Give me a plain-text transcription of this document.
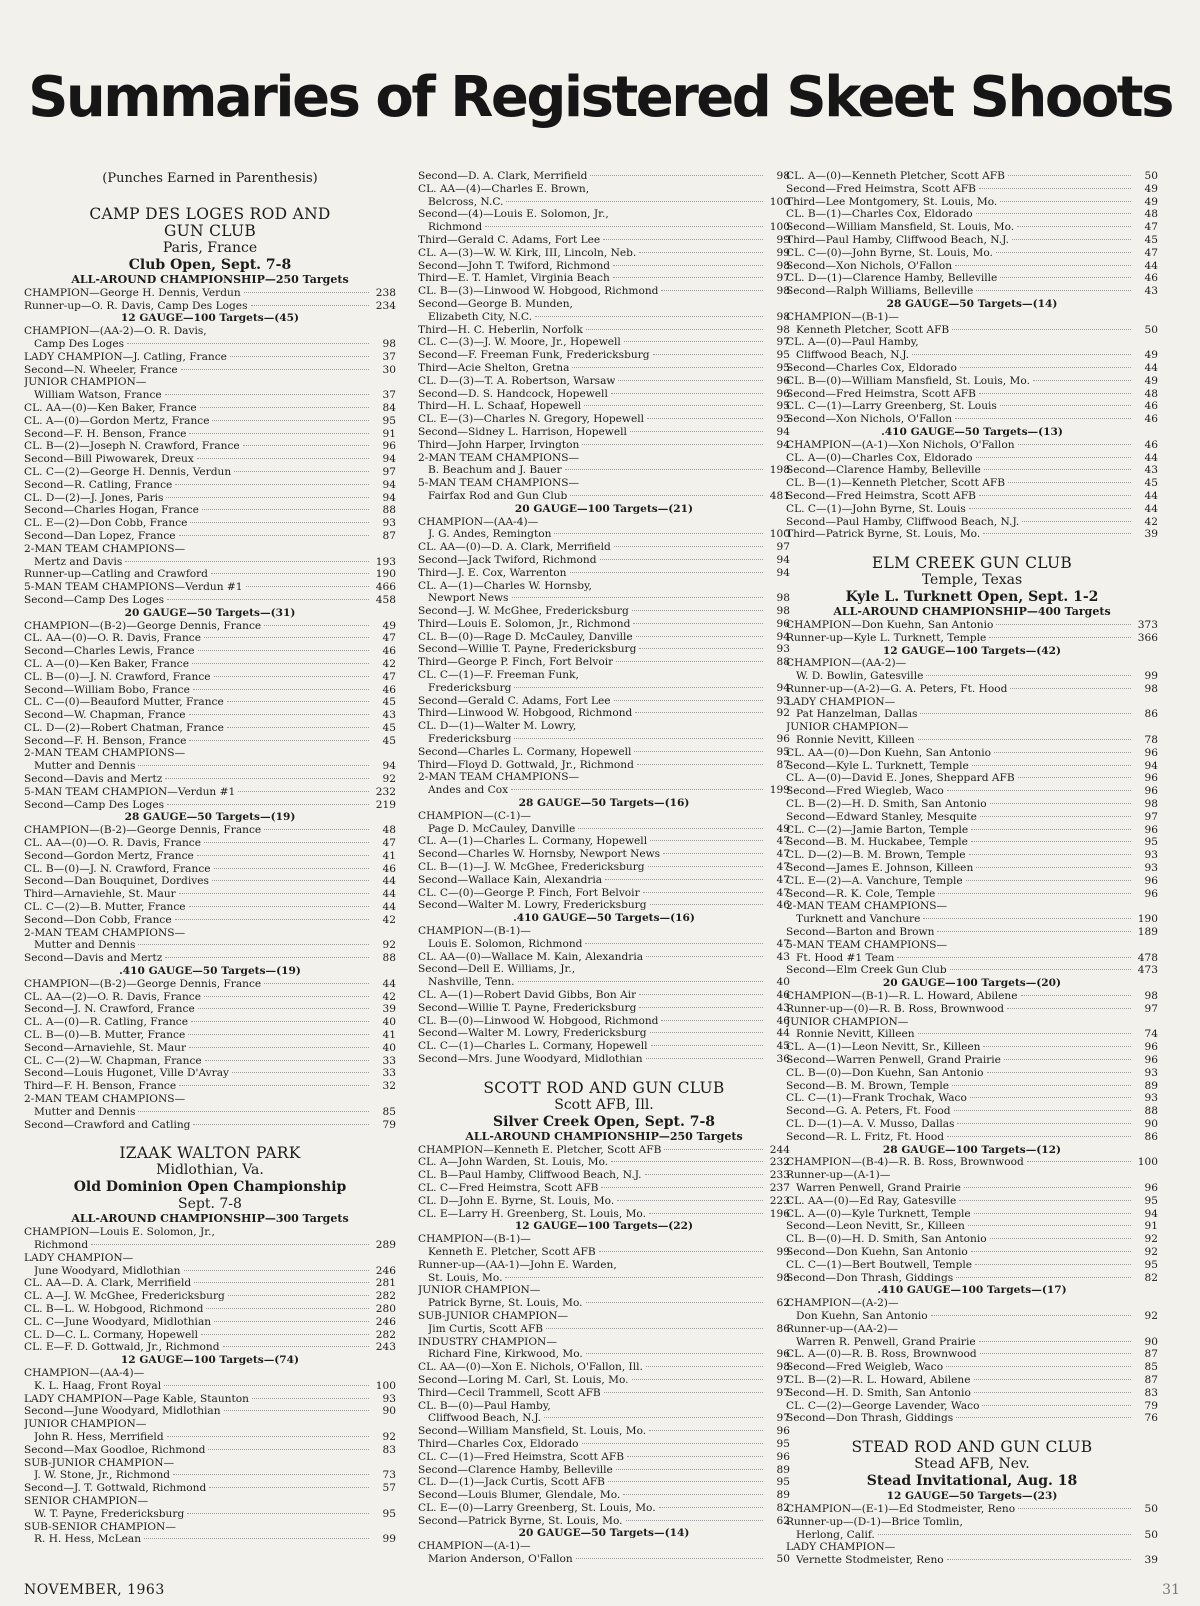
Summaries of Registered Skeet Shoots
(Punches Earned in Parenthesis)
CAMP DES LOGES ROD AND
GUN CLUB
Paris, France
Club Open, Sept. 7-8
ALL-AROUND CHAMPIONSHIP—250 Targets
CHAMPION—George H. Dennis, Verdun	238
Runner-up—O. R. Davis, Camp Des Loges	234
12 GAUGE—100 Targets—(45)
CHAMPION—(AA-2)—O. R. Davis,
Camp Des Loges	98
LADY CHAMPION—J. Catling, France	37
Second—N. Wheeler, France	30
JUNIOR CHAMPION—
William Watson, France	37
CL. AA—(0)—Ken Baker, France	84
CL. A—(0)—Gordon Mertz, France	95
Second—F. H. Benson, France	91
CL. B—(2)—Joseph N. Crawford, France	96
Second—Bill Piwowarek, Dreux	94
CL. C—(2)—George H. Dennis, Verdun	97
Second—R. Catling, France	94
CL. D—(2)—J. Jones, Paris	94
Second—Charles Hogan, France	88
CL. E—(2)—Don Cobb, France	93
Second—Dan Lopez, France	87
2-MAN TEAM CHAMPIONS—
Mertz and Davis	193
Runner-up—Catling and Crawford	190
5-MAN TEAM CHAMPIONS—Verdun #1	466
Second—Camp Des Loges	458
20 GAUGE—50 Targets—(31)
CHAMPION—(B-2)—George Dennis, France	49
CL. AA—(0)—O. R. Davis, France	47
Second—Charles Lewis, France	46
CL. A—(0)—Ken Baker, France	42
CL. B—(0)—J. N. Crawford, France	47
Second—William Bobo, France	46
CL. C—(0)—Beauford Mutter, France	45
Second—W. Chapman, France	43
CL. D—(2)—Robert Chatman, France	45
Second—F. H. Benson, France	45
2-MAN TEAM CHAMPIONS—
Mutter and Dennis	94
Second—Davis and Mertz	92
5-MAN TEAM CHAMPION—Verdun #1	232
Second—Camp Des Loges	219
28 GAUGE—50 Targets—(19)
CHAMPION—(B-2)—George Dennis, France	48
CL. AA—(0)—O. R. Davis, France	47
Second—Gordon Mertz, France	41
CL. B—(0)—J. N. Crawford, France	46
Second—Dan Bouquinet, Dordives	44
Third—Arnaviehle, St. Maur	44
CL. C—(2)—B. Mutter, France	44
Second—Don Cobb, France	42
2-MAN TEAM CHAMPIONS—
Mutter and Dennis	92
Second—Davis and Mertz	88
.410 GAUGE—50 Targets—(19)
CHAMPION—(B-2)—George Dennis, France	44
CL. AA—(2)—O. R. Davis, France	42
Second—J. N. Crawford, France	39
CL. A—(0)—R. Catling, France	40
CL. B—(0)—B. Mutter, France	41
Second—Arnaviehle, St. Maur	40
CL. C—(2)—W. Chapman, France	33
Second—Louis Hugonet, Ville D'Avray	33
Third—F. H. Benson, France	32
2-MAN TEAM CHAMPIONS—
Mutter and Dennis	85
Second—Crawford and Catling	79
IZAAK WALTON PARK
Midlothian, Va.
Old Dominion Open Championship
Sept. 7-8
ALL-AROUND CHAMPIONSHIP—300 Targets
CHAMPION—Louis E. Solomon, Jr.,
Richmond	289
LADY CHAMPION—
June Woodyard, Midlothian	246
CL. AA—D. A. Clark, Merrifield	281
CL. A—J. W. McGhee, Fredericksburg	282
CL. B—L. W. Hobgood, Richmond	280
CL. C—June Woodyard, Midlothian	246
CL. D—C. L. Cormany, Hopewell	282
CL. E—F. D. Gottwald, Jr., Richmond	243
12 GAUGE—100 Targets—(74)
CHAMPION—(AA-4)—
K. L. Haag, Front Royal	100
LADY CHAMPION—Page Kable, Staunton	93
Second—June Woodyard, Midlothian	90
JUNIOR CHAMPION—
John R. Hess, Merrifield	92
Second—Max Goodloe, Richmond	83
SUB-JUNIOR CHAMPION—
J. W. Stone, Jr., Richmond	73
Second—J. T. Gottwald, Richmond	57
SENIOR CHAMPION—
W. T. Payne, Fredericksburg	95
SUB-SENIOR CHAMPION—
R. H. Hess, McLean	99
Second—D. A. Clark, Merrifield	98
CL. AA—(4)—Charles E. Brown,
Belcross, N.C.	100
Second—(4)—Louis E. Solomon, Jr.,
Richmond	100
Third—Gerald C. Adams, Fort Lee	99
CL. A—(3)—W. W. Kirk, III, Lincoln, Neb.	99
Second—John T. Twiford, Richmond	98
Third—E. T. Hamlet, Virginia Beach	97
CL. B—(3)—Linwood W. Hobgood, Richmond	98
Second—George B. Munden,
Elizabeth City, N.C.	98
Third—H. C. Heberlin, Norfolk	98
CL. C—(3)—J. W. Moore, Jr., Hopewell	97
Second—F. Freeman Funk, Fredericksburg	95
Third—Acie Shelton, Gretna	95
CL. D—(3)—T. A. Robertson, Warsaw	96
Second—D. S. Handcock, Hopewell	96
Third—H. L. Schaaf, Hopewell	95
CL. E—(3)—Charles N. Gregory, Hopewell	95
Second—Sidney L. Harrison, Hopewell	94
Third—John Harper, Irvington	94
2-MAN TEAM CHAMPIONS—
B. Beachum and J. Bauer	198
5-MAN TEAM CHAMPIONS—
Fairfax Rod and Gun Club	481
20 GAUGE—100 Targets—(21)
CHAMPION—(AA-4)—
J. G. Andes, Remington	100
CL. AA—(0)—D. A. Clark, Merrifield	97
Second—Jack Twiford, Richmond	94
Third—J. E. Cox, Warrenton	94
CL. A—(1)—Charles W. Hornsby,
Newport News	98
Second—J. W. McGhee, Fredericksburg	98
Third—Louis E. Solomon, Jr., Richmond	96
CL. B—(0)—Rage D. McCauley, Danville	94
Second—Willie T. Payne, Fredericksburg	93
Third—George P. Finch, Fort Belvoir	88
CL. C—(1)—F. Freeman Funk,
Fredericksburg	94
Second—Gerald C. Adams, Fort Lee	93
Third—Linwood W. Hobgood, Richmond	92
CL. D—(1)—Walter M. Lowry,
Fredericksburg	96
Second—Charles L. Cormany, Hopewell	95
Third—Floyd D. Gottwald, Jr., Richmond	87
2-MAN TEAM CHAMPIONS—
Andes and Cox	199
28 GAUGE—50 Targets—(16)
CHAMPION—(C-1)—
Page D. McCauley, Danville	49
CL. A—(1)—Charles L. Cormany, Hopewell	47
Second—Charles W. Hornsby, Newport News	47
CL. B—(1)—J. W. McGhee, Fredericksburg	47
Second—Wallace Kain, Alexandria	47
CL. C—(0)—George P. Finch, Fort Belvoir	47
Second—Walter M. Lowry, Fredericksburg	46
.410 GAUGE—50 Targets—(16)
CHAMPION—(B-1)—
Louis E. Solomon, Richmond	47
CL. AA—(0)—Wallace M. Kain, Alexandria	43
Second—Dell E. Williams, Jr.,
Nashville, Tenn.	40
CL. A—(1)—Robert David Gibbs, Bon Air	46
Second—Willie T. Payne, Fredericksburg	43
CL. B—(0)—Linwood W. Hobgood, Richmond	46
Second—Walter M. Lowry, Fredericksburg	44
CL. C—(1)—Charles L. Cormany, Hopewell	45
Second—Mrs. June Woodyard, Midlothian	36
SCOTT ROD AND GUN CLUB
Scott AFB, Ill.
Silver Creek Open, Sept. 7-8
ALL-AROUND CHAMPIONSHIP—250 Targets
CHAMPION—Kenneth E. Pletcher, Scott AFB	244
CL. A—John Warden, St. Louis, Mo.	232
CL. B—Paul Hamby, Cliffwood Beach, N.J.	233
CL. C—Fred Heimstra, Scott AFB	237
CL. D—John E. Byrne, St. Louis, Mo.	223
CL. E—Larry H. Greenberg, St. Louis, Mo.	196
12 GAUGE—100 Targets—(22)
CHAMPION—(B-1)—
Kenneth E. Pletcher, Scott AFB	99
Runner-up—(AA-1)—John E. Warden,
St. Louis, Mo.	98
JUNIOR CHAMPION—
Patrick Byrne, St. Louis, Mo.	62
SUB-JUNIOR CHAMPION—
Jim Curtis, Scott AFB	86
INDUSTRY CHAMPION—
Richard Fine, Kirkwood, Mo.	96
CL. AA—(0)—Xon E. Nichols, O'Fallon, Ill.	98
Second—Loring M. Carl, St. Louis, Mo.	97
Third—Cecil Trammell, Scott AFB	97
CL. B—(0)—Paul Hamby,
Cliffwood Beach, N.J.	97
Second—William Mansfield, St. Louis, Mo.	96
Third—Charles Cox, Eldorado	95
CL. C—(1)—Fred Heimstra, Scott AFB	96
Second—Clarence Hamby, Belleville	89
CL. D—(1)—Jack Curtis, Scott AFB	95
Second—Louis Blumer, Glendale, Mo.	89
CL. E—(0)—Larry Greenberg, St. Louis, Mo.	82
Second—Patrick Byrne, St. Louis, Mo.	62
20 GAUGE—50 Targets—(14)
CHAMPION—(A-1)—
Marion Anderson, O'Fallon	50
CL. A—(0)—Kenneth Pletcher, Scott AFB	50
Second—Fred Heimstra, Scott AFB	49
Third—Lee Montgomery, St. Louis, Mo.	49
CL. B—(1)—Charles Cox, Eldorado	48
Second—William Mansfield, St. Louis, Mo.	47
Third—Paul Hamby, Cliffwood Beach, N.J.	45
CL. C—(0)—John Byrne, St. Louis, Mo.	47
Second—Xon Nichols, O'Fallon	44
CL. D—(1)—Clarence Hamby, Belleville	46
Second—Ralph Williams, Belleville	43
28 GAUGE—50 Targets—(14)
CHAMPION—(B-1)—
Kenneth Pletcher, Scott AFB	50
CL. A—(0)—Paul Hamby,
Cliffwood Beach, N.J.	49
Second—Charles Cox, Eldorado	44
CL. B—(0)—William Mansfield, St. Louis, Mo.	49
Second—Fred Heimstra, Scott AFB	48
CL. C—(1)—Larry Greenberg, St. Louis	46
Second—Xon Nichols, O'Fallon	46
.410 GAUGE—50 Targets—(13)
CHAMPION—(A-1)—Xon Nichols, O'Fallon	46
CL. A—(0)—Charles Cox, Eldorado	44
Second—Clarence Hamby, Belleville	43
CL. B—(1)—Kenneth Pletcher, Scott AFB	45
Second—Fred Heimstra, Scott AFB	44
CL. C—(1)—John Byrne, St. Louis	44
Second—Paul Hamby, Cliffwood Beach, N.J.	42
Third—Patrick Byrne, St. Louis, Mo.	39
ELM CREEK GUN CLUB
Temple, Texas
Kyle L. Turknett Open, Sept. 1-2
ALL-AROUND CHAMPIONSHIP—400 Targets
CHAMPION—Don Kuehn, San Antonio	373
Runner-up—Kyle L. Turknett, Temple	366
12 GAUGE—100 Targets—(42)
CHAMPION—(AA-2)—
W. D. Bowlin, Gatesville	99
Runner-up—(A-2)—G. A. Peters, Ft. Hood	98
LADY CHAMPION—
Pat Hanzelman, Dallas	86
JUNIOR CHAMPION—
Ronnie Nevitt, Killeen	78
CL. AA—(0)—Don Kuehn, San Antonio	96
Second—Kyle L. Turknett, Temple	94
CL. A—(0)—David E. Jones, Sheppard AFB	96
Second—Fred Wiegleb, Waco	96
CL. B—(2)—H. D. Smith, San Antonio	98
Second—Edward Stanley, Mesquite	97
CL. C—(2)—Jamie Barton, Temple	96
Second—B. M. Huckabee, Temple	95
CL. D—(2)—B. M. Brown, Temple	93
Second—James E. Johnson, Killeen	93
CL. E—(2)—A. Vanchure, Temple	96
Second—R. K. Cole, Temple	96
2-MAN TEAM CHAMPIONS—
Turknett and Vanchure	190
Second—Barton and Brown	189
5-MAN TEAM CHAMPIONS—
Ft. Hood #1 Team	478
Second—Elm Creek Gun Club	473
20 GAUGE—100 Targets—(20)
CHAMPION—(B-1)—R. L. Howard, Abilene	98
Runner-up—(0)—R. B. Ross, Brownwood	97
JUNIOR CHAMPION—
Ronnie Nevitt, Killeen	74
CL. A—(1)—Leon Nevitt, Sr., Killeen	96
Second—Warren Penwell, Grand Prairie	96
CL. B—(0)—Don Kuehn, San Antonio	93
Second—B. M. Brown, Temple	89
CL. C—(1)—Frank Trochak, Waco	93
Second—G. A. Peters, Ft. Food	88
CL. D—(1)—A. V. Musso, Dallas	90
Second—R. L. Fritz, Ft. Hood	86
28 GAUGE—100 Targets—(12)
CHAMPION—(B-4)—R. B. Ross, Brownwood	100
Runner-up—(A-1)—
Warren Penwell, Grand Prairie	96
CL. AA—(0)—Ed Ray, Gatesville	95
CL. A—(0)—Kyle Turknett, Temple	94
Second—Leon Nevitt, Sr., Killeen	91
CL. B—(0)—H. D. Smith, San Antonio	92
Second—Don Kuehn, San Antonio	92
CL. C—(1)—Bert Boutwell, Temple	95
Second—Don Thrash, Giddings	82
.410 GAUGE—100 Targets—(17)
CHAMPION—(A-2)—
Don Kuehn, San Antonio	92
Runner-up—(AA-2)—
Warren R. Penwell, Grand Prairie	90
CL. A—(0)—R. B. Ross, Brownwood	87
Second—Fred Weigleb, Waco	85
CL. B—(2)—R. L. Howard, Abilene	87
Second—H. D. Smith, San Antonio	83
CL. C—(2)—George Lavender, Waco	79
Second—Don Thrash, Giddings	76
STEAD ROD AND GUN CLUB
Stead AFB, Nev.
Stead Invitational, Aug. 18
12 GAUGE—50 Targets—(23)
CHAMPION—(E-1)—Ed Stodmeister, Reno	50
Runner-up—(D-1)—Brice Tomlin,
Herlong, Calif.	50
LADY CHAMPION—
Vernette Stodmeister, Reno	39
NOVEMBER, 1963	31
